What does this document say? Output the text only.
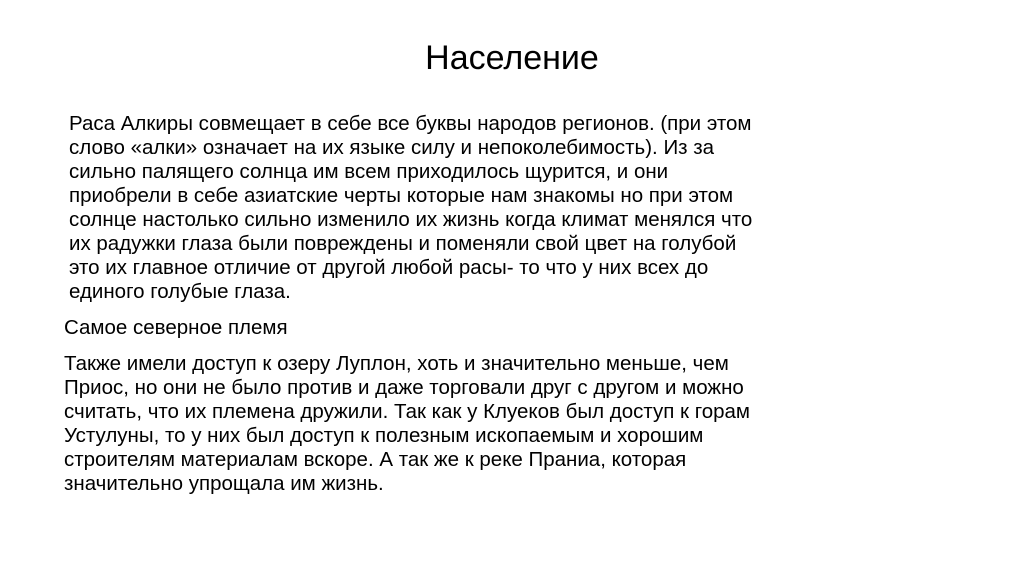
Население

Раса Алкиры совмещает в себе все буквы народов регионов. (при этом
слово «алки» означает на их языке силу и непоколебимость). Из за
сильно палящего солнца им всем приходилось щурится, и они
приобрели в себе азиатские черты которые нам знакомы но при этом
солнце настолько сильно изменило их жизнь когда климат менялся что
их радужки глаза были повреждены и поменяли свой цвет на голубой
это их главное отличие от другой любой расы- то что у них всех до
единого голубые глаза.

Самое северное племя

Также имели доступ к озеру Луплон, хоть и значительно меньше, чем
Приос, но они не было против и даже торговали друг с другом и можно
считать, что их племена дружили. Так как у Клуеков был доступ к горам
Устулуны, то у них был доступ к полезным ископаемым и хорошим
строителям материалам вскоре. А так же к реке Праниа, которая
значительно упрощала им жизнь.
